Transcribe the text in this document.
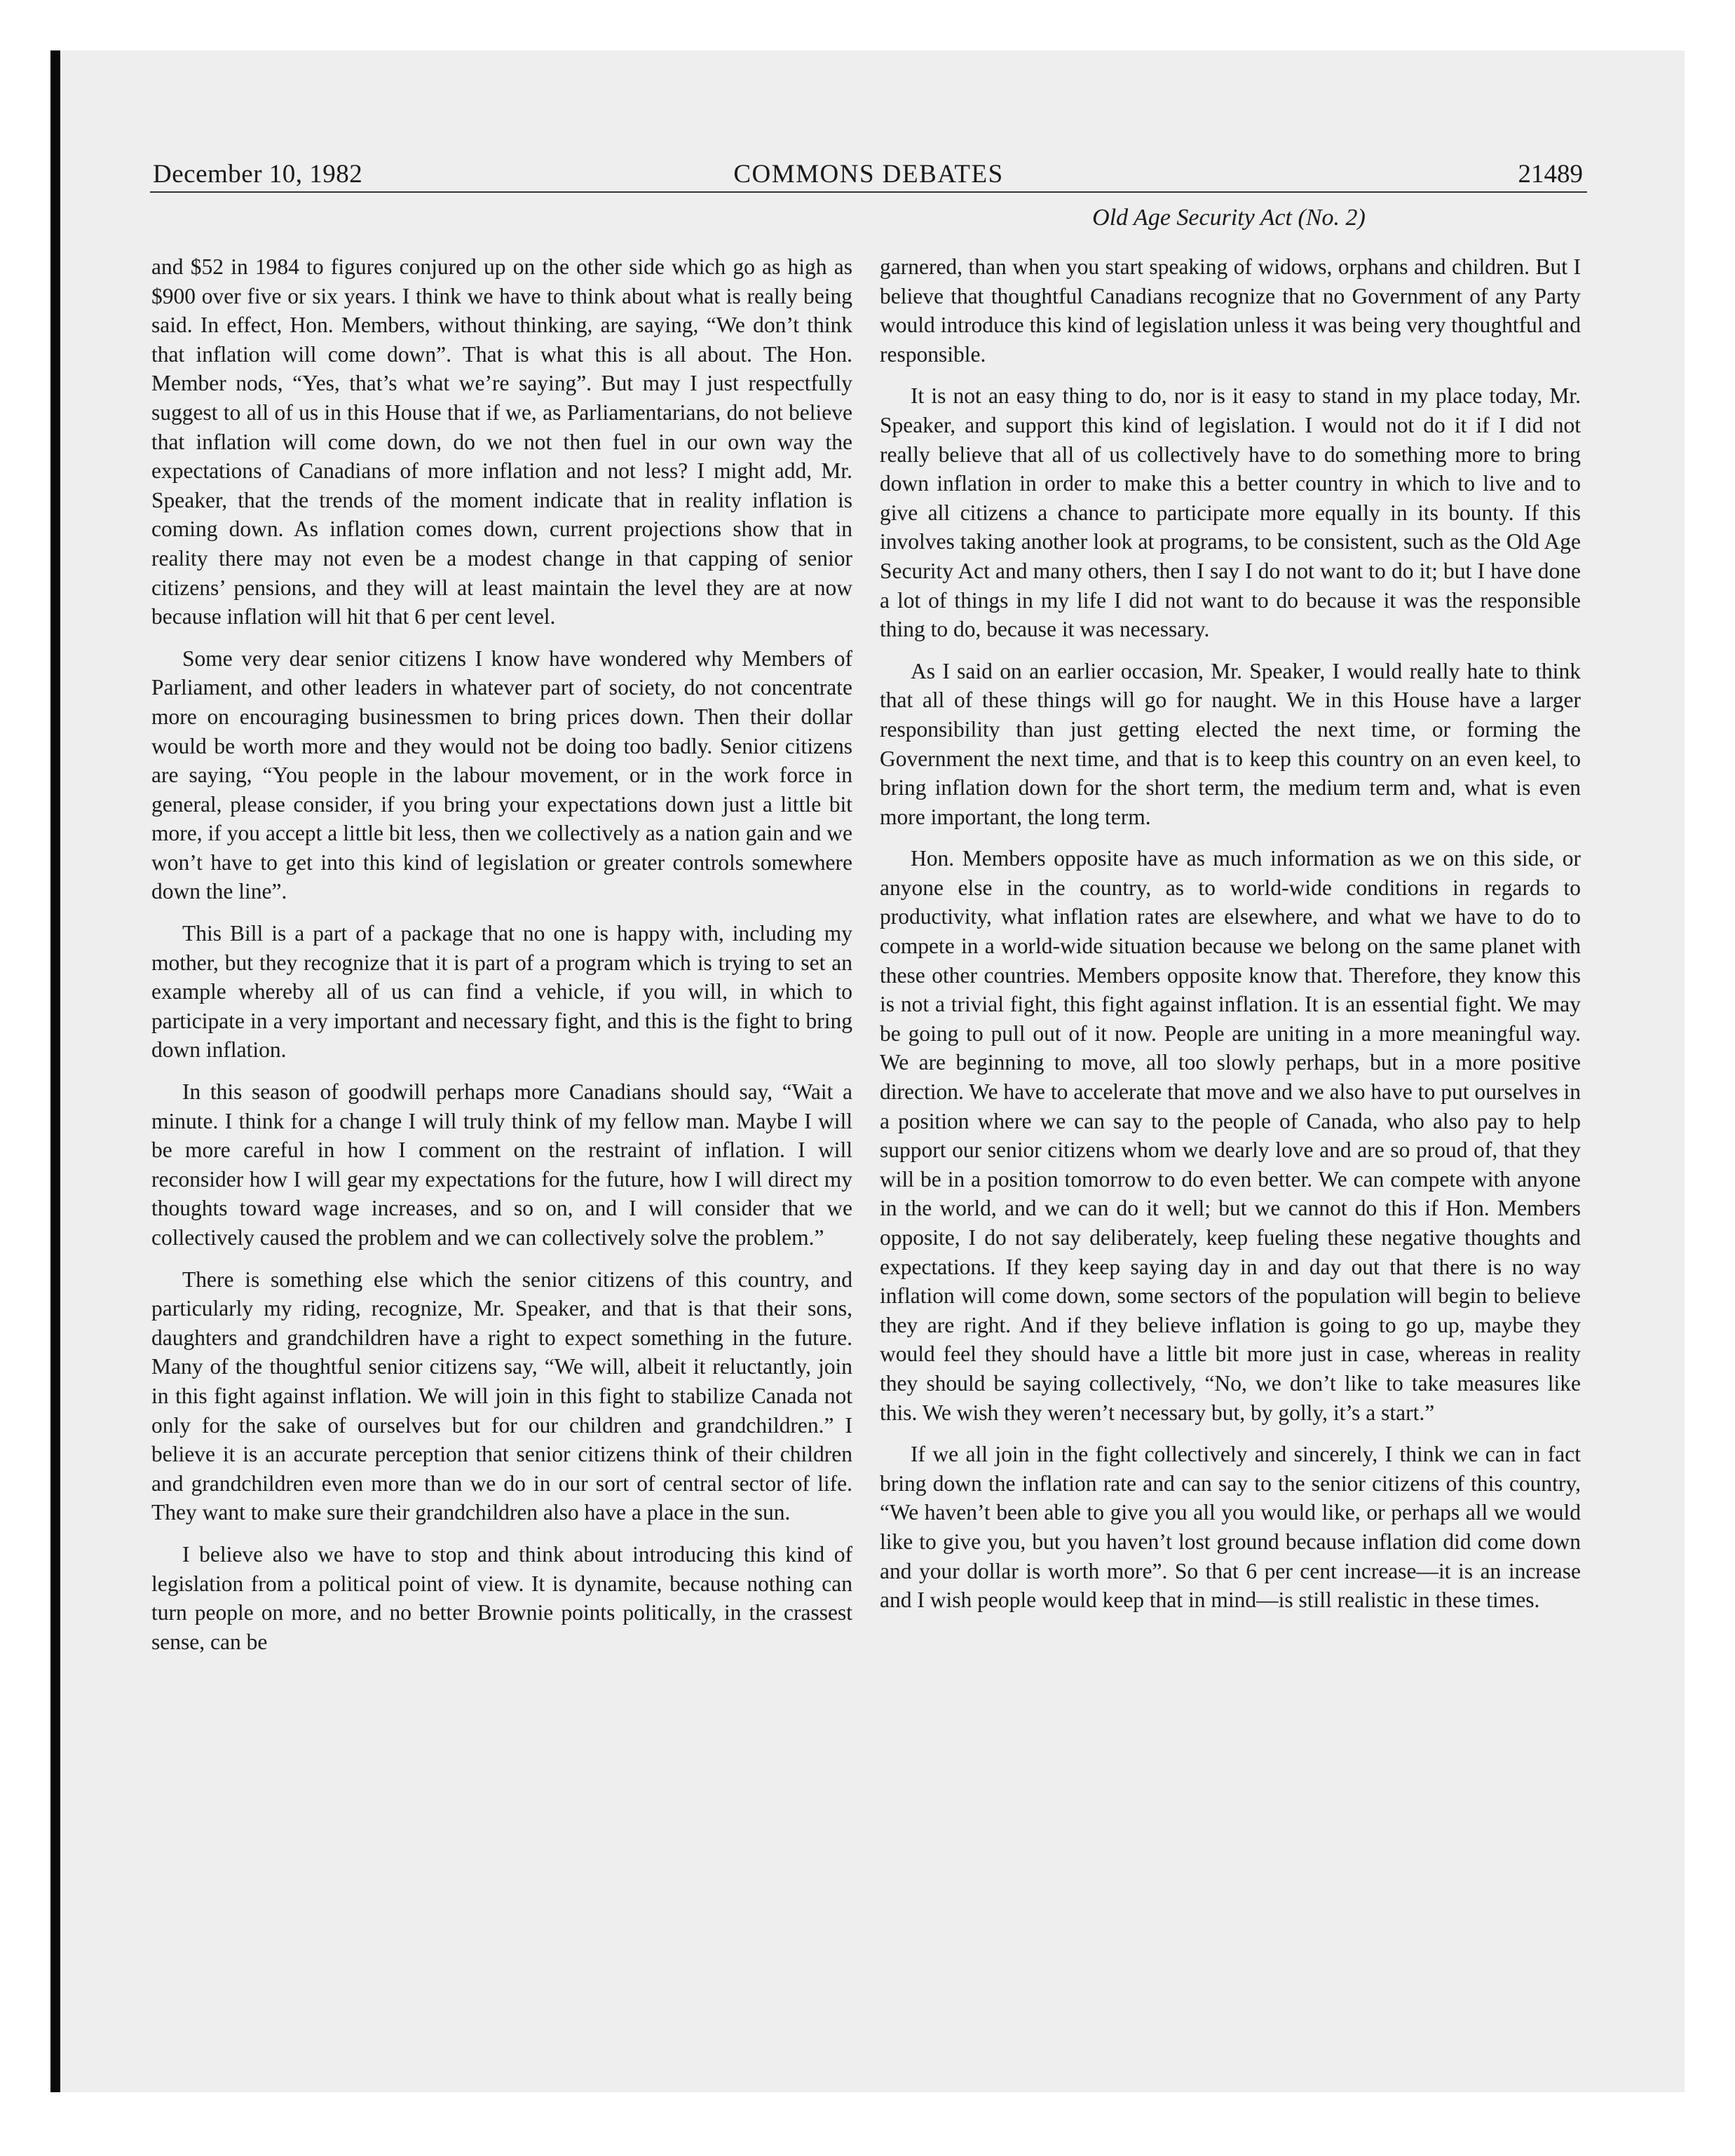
December 10, 1982	COMMONS DEBATES	21489
Old Age Security Act (No. 2)

and $52 in 1984 to figures conjured up on the other side which go as high as $900 over five or six years. I think we have to think about what is really being said. In effect, Hon. Members, without thinking, are saying, “We don’t think that inflation will come down”. That is what this is all about. The Hon. Member nods, “Yes, that’s what we’re saying”. But may I just respectfully suggest to all of us in this House that if we, as Parliamentarians, do not believe that inflation will come down, do we not then fuel in our own way the expectations of Canadians of more inflation and not less? I might add, Mr. Speaker, that the trends of the moment indicate that in reality inflation is coming down. As inflation comes down, current projections show that in reality there may not even be a modest change in that capping of senior citizens’ pensions, and they will at least maintain the level they are at now because inflation will hit that 6 per cent level.

Some very dear senior citizens I know have wondered why Members of Parliament, and other leaders in whatever part of society, do not concentrate more on encouraging businessmen to bring prices down. Then their dollar would be worth more and they would not be doing too badly. Senior citizens are saying, “You people in the labour movement, or in the work force in general, please consider, if you bring your expectations down just a little bit more, if you accept a little bit less, then we collectively as a nation gain and we won’t have to get into this kind of legislation or greater controls somewhere down the line”.

This Bill is a part of a package that no one is happy with, including my mother, but they recognize that it is part of a program which is trying to set an example whereby all of us can find a vehicle, if you will, in which to participate in a very important and necessary fight, and this is the fight to bring down inflation.

In this season of goodwill perhaps more Canadians should say, “Wait a minute. I think for a change I will truly think of my fellow man. Maybe I will be more careful in how I comment on the restraint of inflation. I will reconsider how I will gear my expectations for the future, how I will direct my thoughts toward wage increases, and so on, and I will consider that we collectively caused the problem and we can collectively solve the problem.”

There is something else which the senior citizens of this country, and particularly my riding, recognize, Mr. Speaker, and that is that their sons, daughters and grandchildren have a right to expect something in the future. Many of the thoughtful senior citizens say, “We will, albeit it reluctantly, join in this fight against inflation. We will join in this fight to stabilize Canada not only for the sake of ourselves but for our children and grandchildren.” I believe it is an accurate perception that senior citizens think of their children and grandchildren even more than we do in our sort of central sector of life. They want to make sure their grandchildren also have a place in the sun.

I believe also we have to stop and think about introducing this kind of legislation from a political point of view. It is dynamite, because nothing can turn people on more, and no better Brownie points politically, in the crassest sense, can be

garnered, than when you start speaking of widows, orphans and children. But I believe that thoughtful Canadians recognize that no Government of any Party would introduce this kind of legislation unless it was being very thoughtful and responsible.

It is not an easy thing to do, nor is it easy to stand in my place today, Mr. Speaker, and support this kind of legislation. I would not do it if I did not really believe that all of us collectively have to do something more to bring down inflation in order to make this a better country in which to live and to give all citizens a chance to participate more equally in its bounty. If this involves taking another look at programs, to be consistent, such as the Old Age Security Act and many others, then I say I do not want to do it; but I have done a lot of things in my life I did not want to do because it was the responsible thing to do, because it was necessary.

As I said on an earlier occasion, Mr. Speaker, I would really hate to think that all of these things will go for naught. We in this House have a larger responsibility than just getting elected the next time, or forming the Government the next time, and that is to keep this country on an even keel, to bring inflation down for the short term, the medium term and, what is even more important, the long term.

Hon. Members opposite have as much information as we on this side, or anyone else in the country, as to world-wide conditions in regards to productivity, what inflation rates are elsewhere, and what we have to do to compete in a world-wide situation because we belong on the same planet with these other countries. Members opposite know that. Therefore, they know this is not a trivial fight, this fight against inflation. It is an essential fight. We may be going to pull out of it now. People are uniting in a more meaningful way. We are beginning to move, all too slowly perhaps, but in a more positive direction. We have to accelerate that move and we also have to put ourselves in a position where we can say to the people of Canada, who also pay to help support our senior citizens whom we dearly love and are so proud of, that they will be in a position tomorrow to do even better. We can compete with anyone in the world, and we can do it well; but we cannot do this if Hon. Members opposite, I do not say deliberately, keep fueling these negative thoughts and expectations. If they keep saying day in and day out that there is no way inflation will come down, some sectors of the population will begin to believe they are right. And if they believe inflation is going to go up, maybe they would feel they should have a little bit more just in case, whereas in reality they should be saying collectively, “No, we don’t like to take measures like this. We wish they weren’t necessary but, by golly, it’s a start.”

If we all join in the fight collectively and sincerely, I think we can in fact bring down the inflation rate and can say to the senior citizens of this country, “We haven’t been able to give you all you would like, or perhaps all we would like to give you, but you haven’t lost ground because inflation did come down and your dollar is worth more”. So that 6 per cent increase—it is an increase and I wish people would keep that in mind—is still realistic in these times.
